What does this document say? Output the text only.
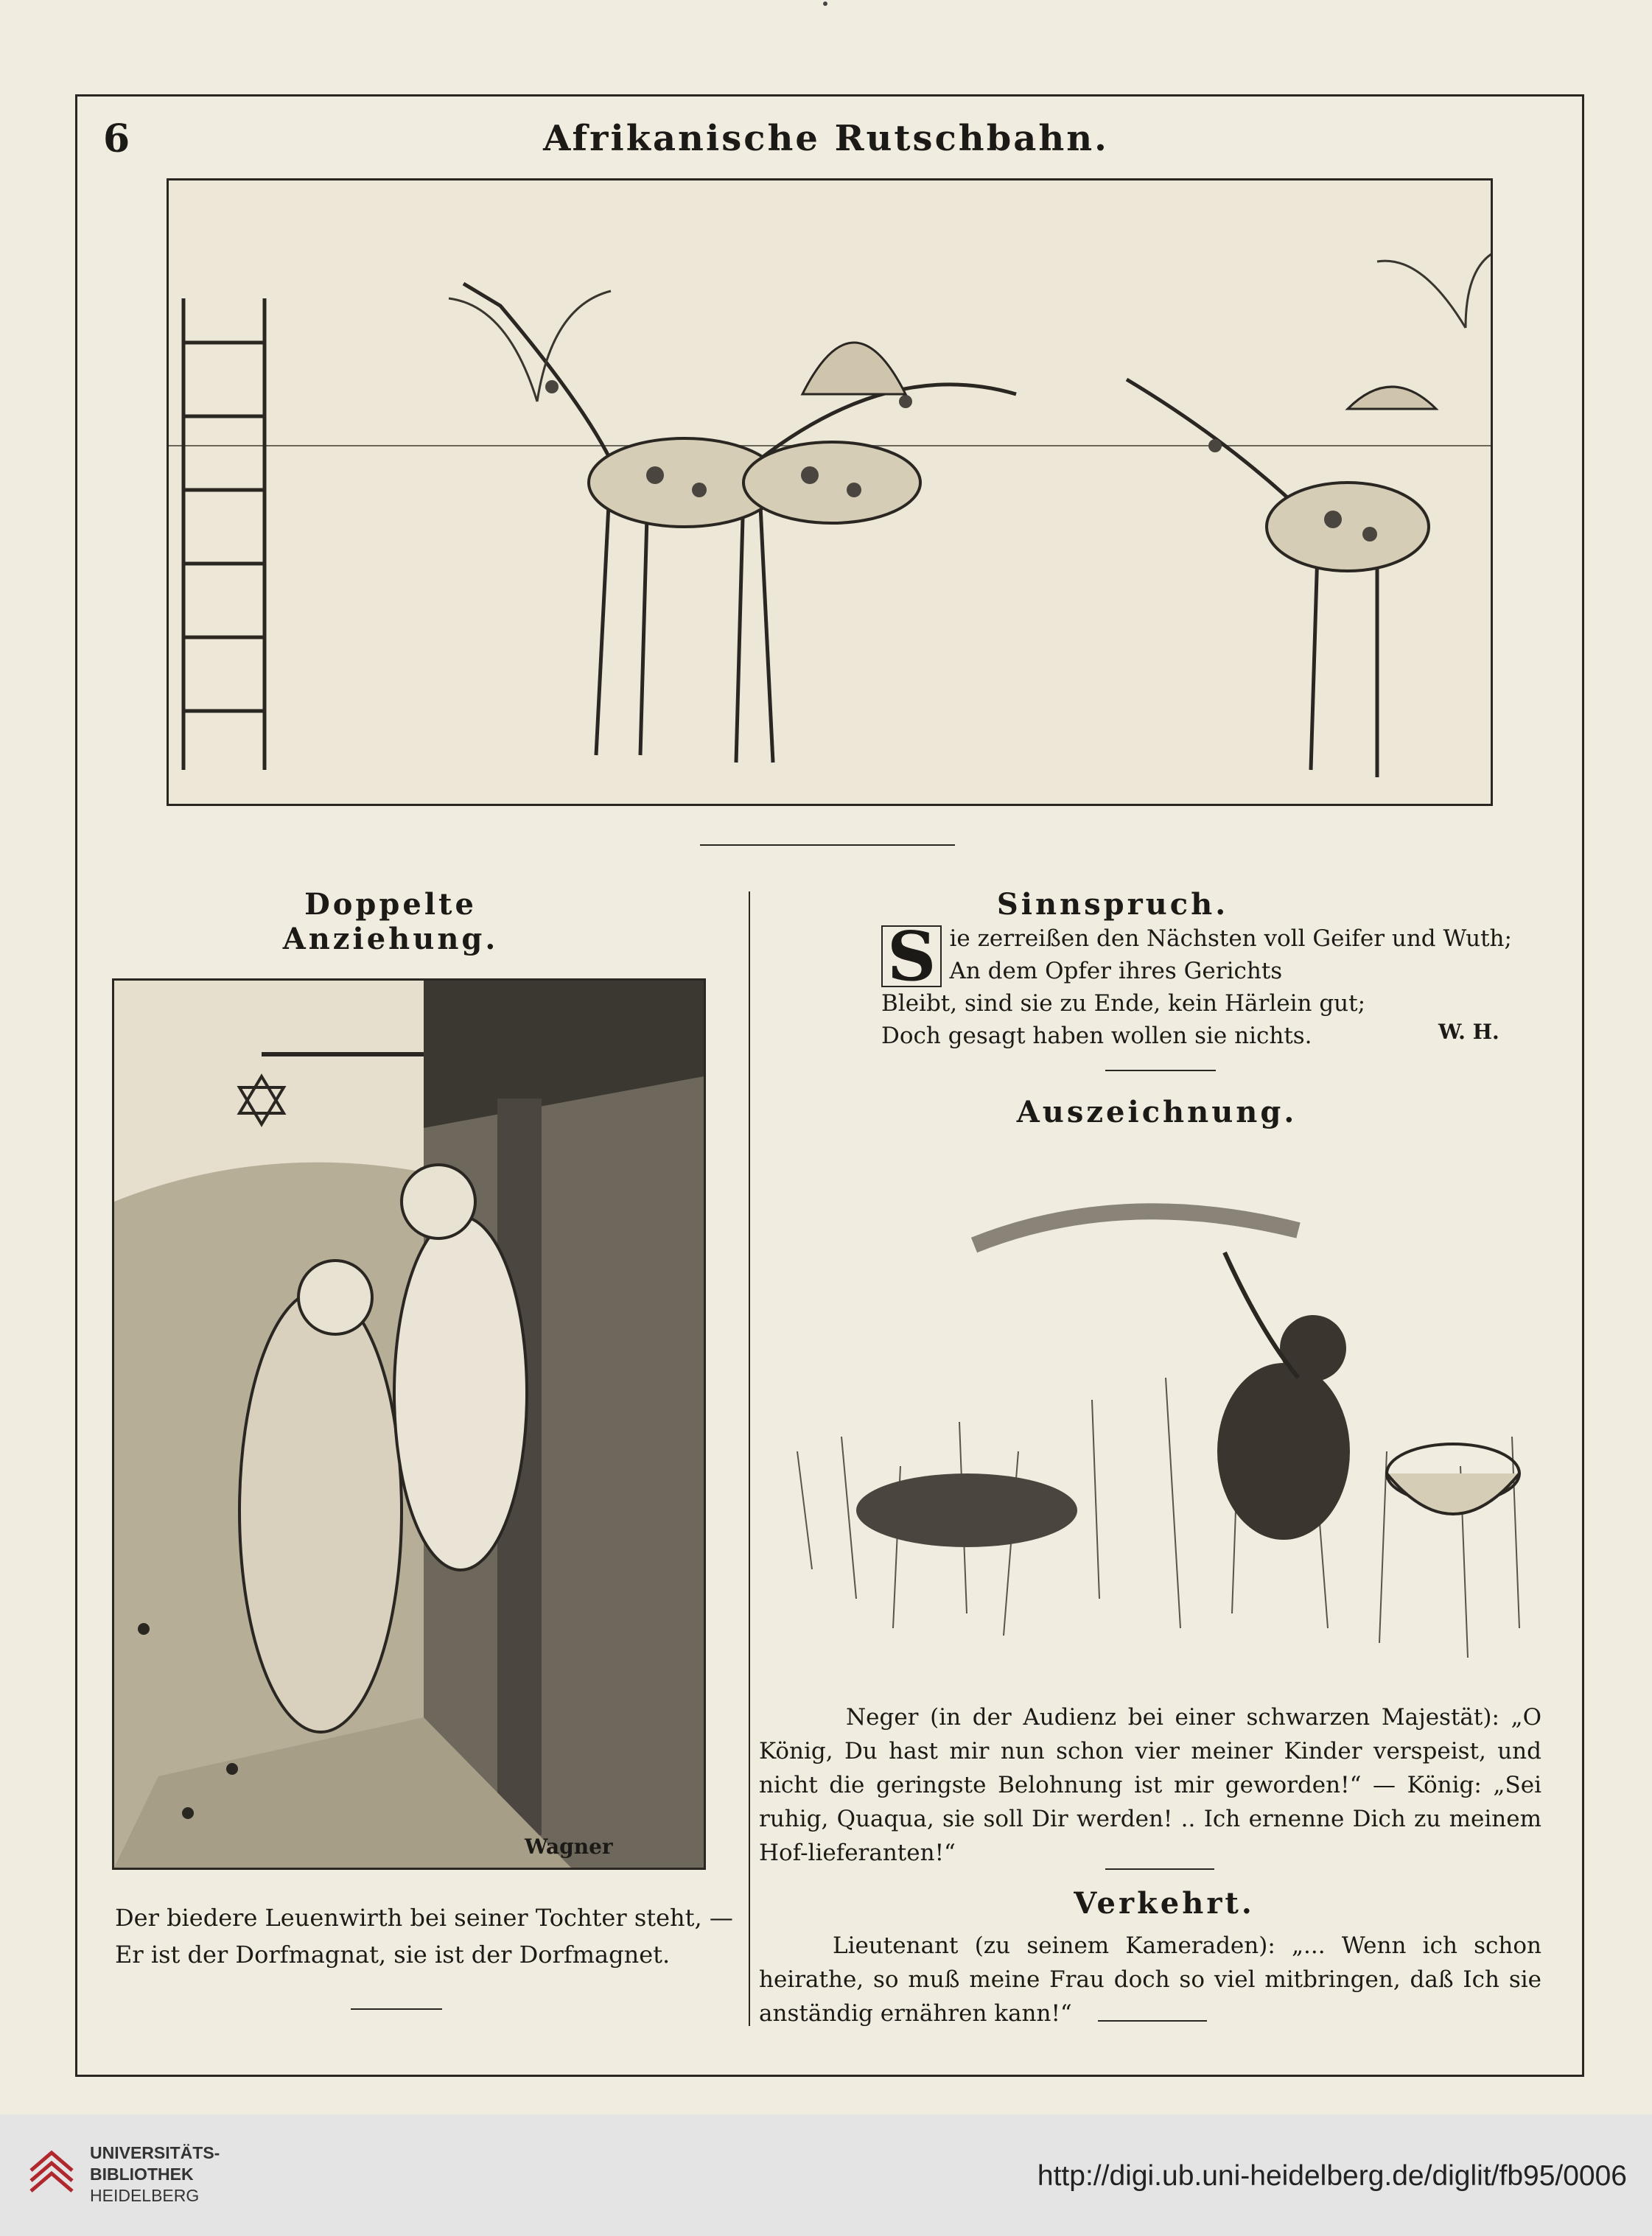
6	Afrikanische Rutschbahn.
Doppelte Anziehung.
Wagner
Der biedere Leuenwirth bei seiner Tochter steht, —
Er ist der Dorfmagnat, sie ist der Dorfmagnet.
Sinnspruch.
S ie zerreißen den Nächsten voll Geifer und Wuth;
An dem Opfer ihres Gerichts
Bleibt, sind sie zu Ende, kein Härlein gut;
Doch gesagt haben wollen sie nichts.	W. H.
Auszeichnung.
Neger (in der Audienz bei einer schwarzen Majestät): „O König, Du hast mir nun schon vier meiner Kinder verspeist, und nicht die geringste Belohnung ist mir geworden!“ — König: „Sei ruhig, Quaqua, sie soll Dir werden! .. Ich ernenne Dich zu meinem Hof-lieferanten!“
Verkehrt.
Lieutenant (zu seinem Kameraden): „... Wenn ich schon heirathe, so muß meine Frau doch so viel mitbringen, daß Ich sie anständig ernähren kann!“
UNIVERSITÄTS-
BIBLIOTHEK
HEIDELBERG
http://digi.ub.uni-heidelberg.de/diglit/fb95/0006
